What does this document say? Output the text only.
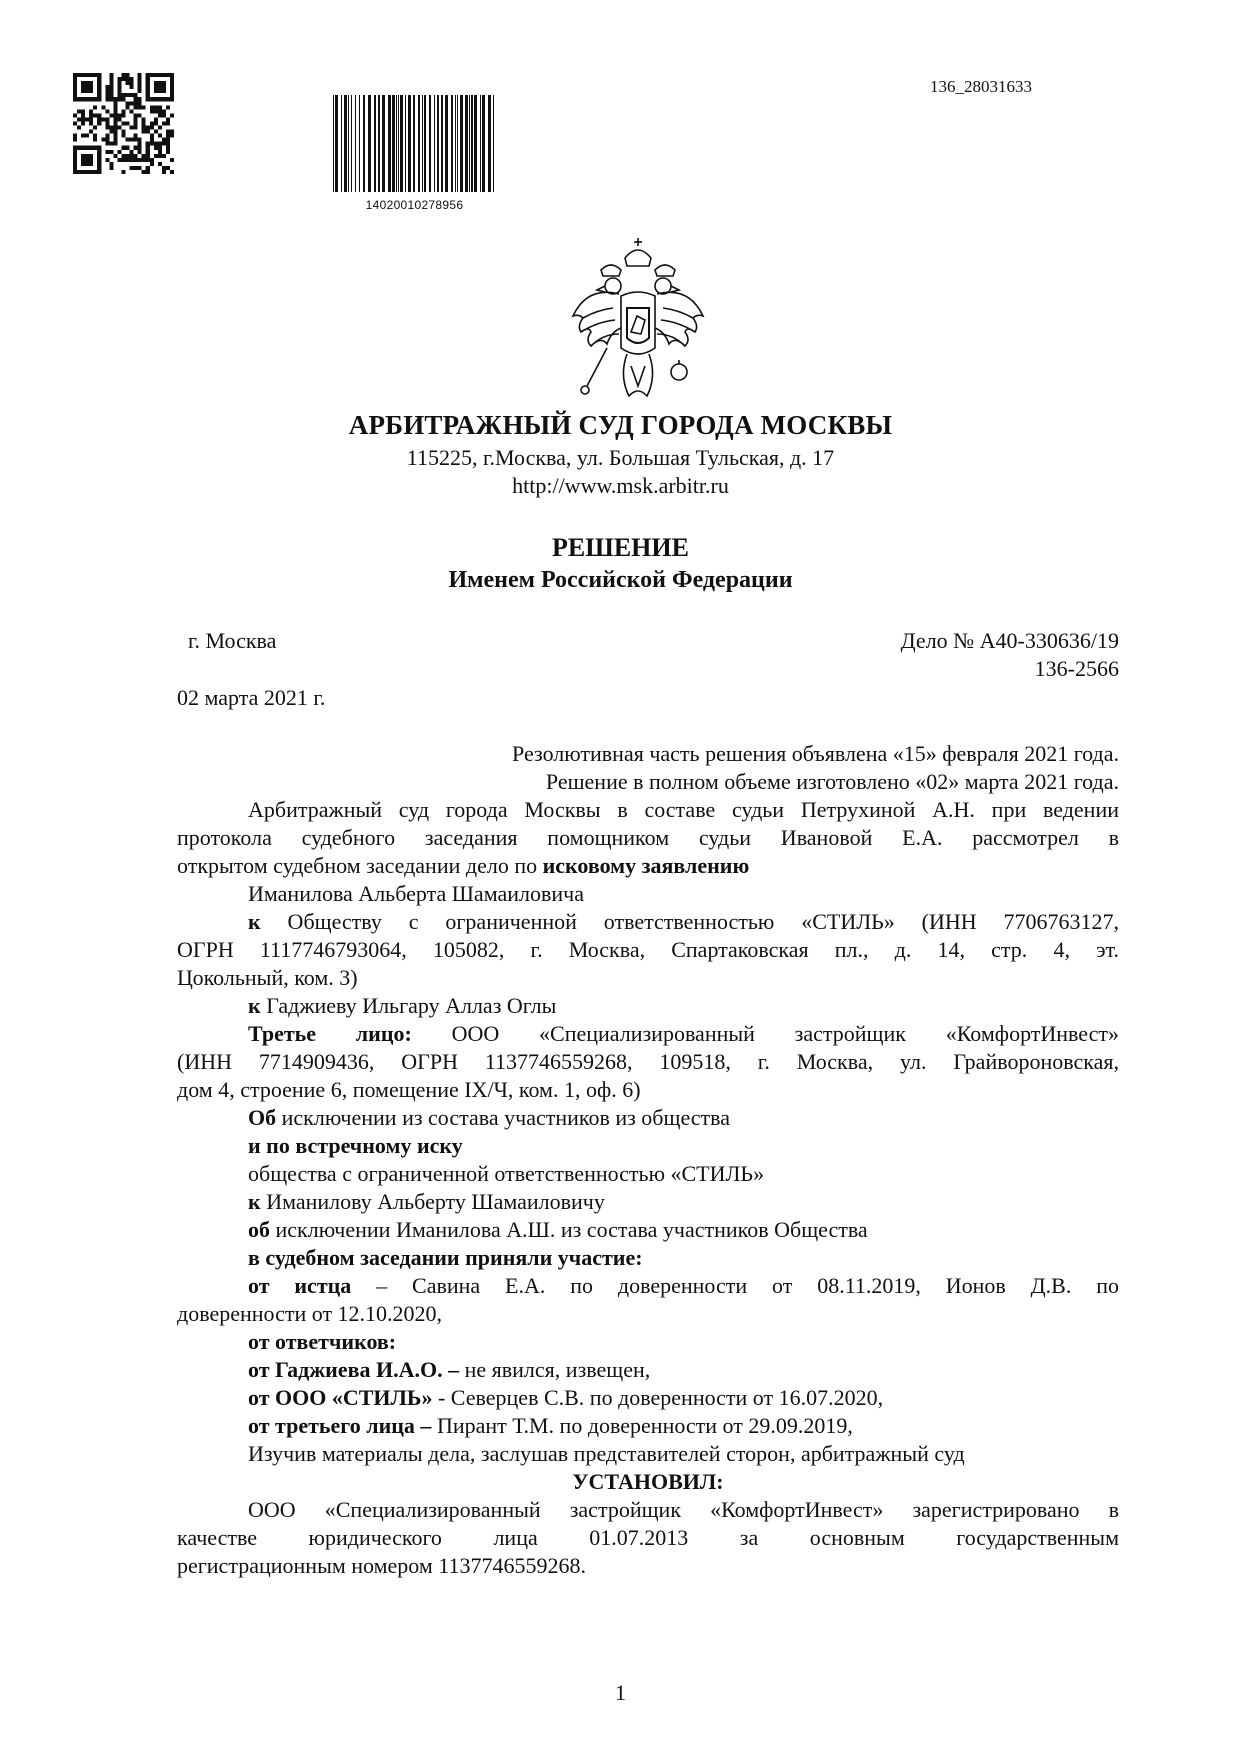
14020010278956
136_28031633
АРБИТРАЖНЫЙ СУД ГОРОДА МОСКВЫ
115225, г.Москва, ул. Большая Тульская, д. 17
http://www.msk.arbitr.ru
РЕШЕНИЕ
Именем Российской Федерации
г. Москва	Дело № А40-330636/19
136-2566
02 марта 2021 г.
Резолютивная часть решения объявлена «15» февраля 2021 года.
Решение в полном объеме изготовлено «02» марта 2021 года.
Арбитражный суд города Москвы в составе судьи Петрухиной А.Н. при ведении
протокола судебного заседания помощником судьи Ивановой Е.А. рассмотрел в
открытом судебном заседании дело по исковому заявлению
Иманилова Альберта Шамаиловича
к Обществу с ограниченной ответственностью «СТИЛЬ» (ИНН 7706763127,
ОГРН 1117746793064, 105082, г. Москва, Спартаковская пл., д. 14, стр. 4, эт.
Цокольный, ком. 3)
к Гаджиеву Ильгару Аллаз Оглы
Третье лицо: ООО «Специализированный застройщик «КомфортИнвест»
(ИНН 7714909436, ОГРН 1137746559268, 109518, г. Москва, ул. Грайвороновская,
дом 4, строение 6, помещение IX/Ч, ком. 1, оф. 6)
Об исключении из состава участников из общества
и по встречному иску
общества с ограниченной ответственностью «СТИЛЬ»
к Иманилову Альберту Шамаиловичу
об исключении Иманилова А.Ш. из состава участников Общества
в судебном заседании приняли участие:
от истца – Савина Е.А. по доверенности от 08.11.2019, Ионов Д.В. по
доверенности от 12.10.2020,
от ответчиков:
от Гаджиева И.А.О. – не явился, извещен,
от ООО «СТИЛЬ» - Северцев С.В. по доверенности от 16.07.2020,
от третьего лица – Пирант Т.М. по доверенности от 29.09.2019,
Изучив материалы дела, заслушав представителей сторон, арбитражный суд
УСТАНОВИЛ:
ООО «Специализированный застройщик «КомфортИнвест» зарегистрировано в
качестве юридического лица 01.07.2013 за основным государственным
регистрационным номером 1137746559268.
1
